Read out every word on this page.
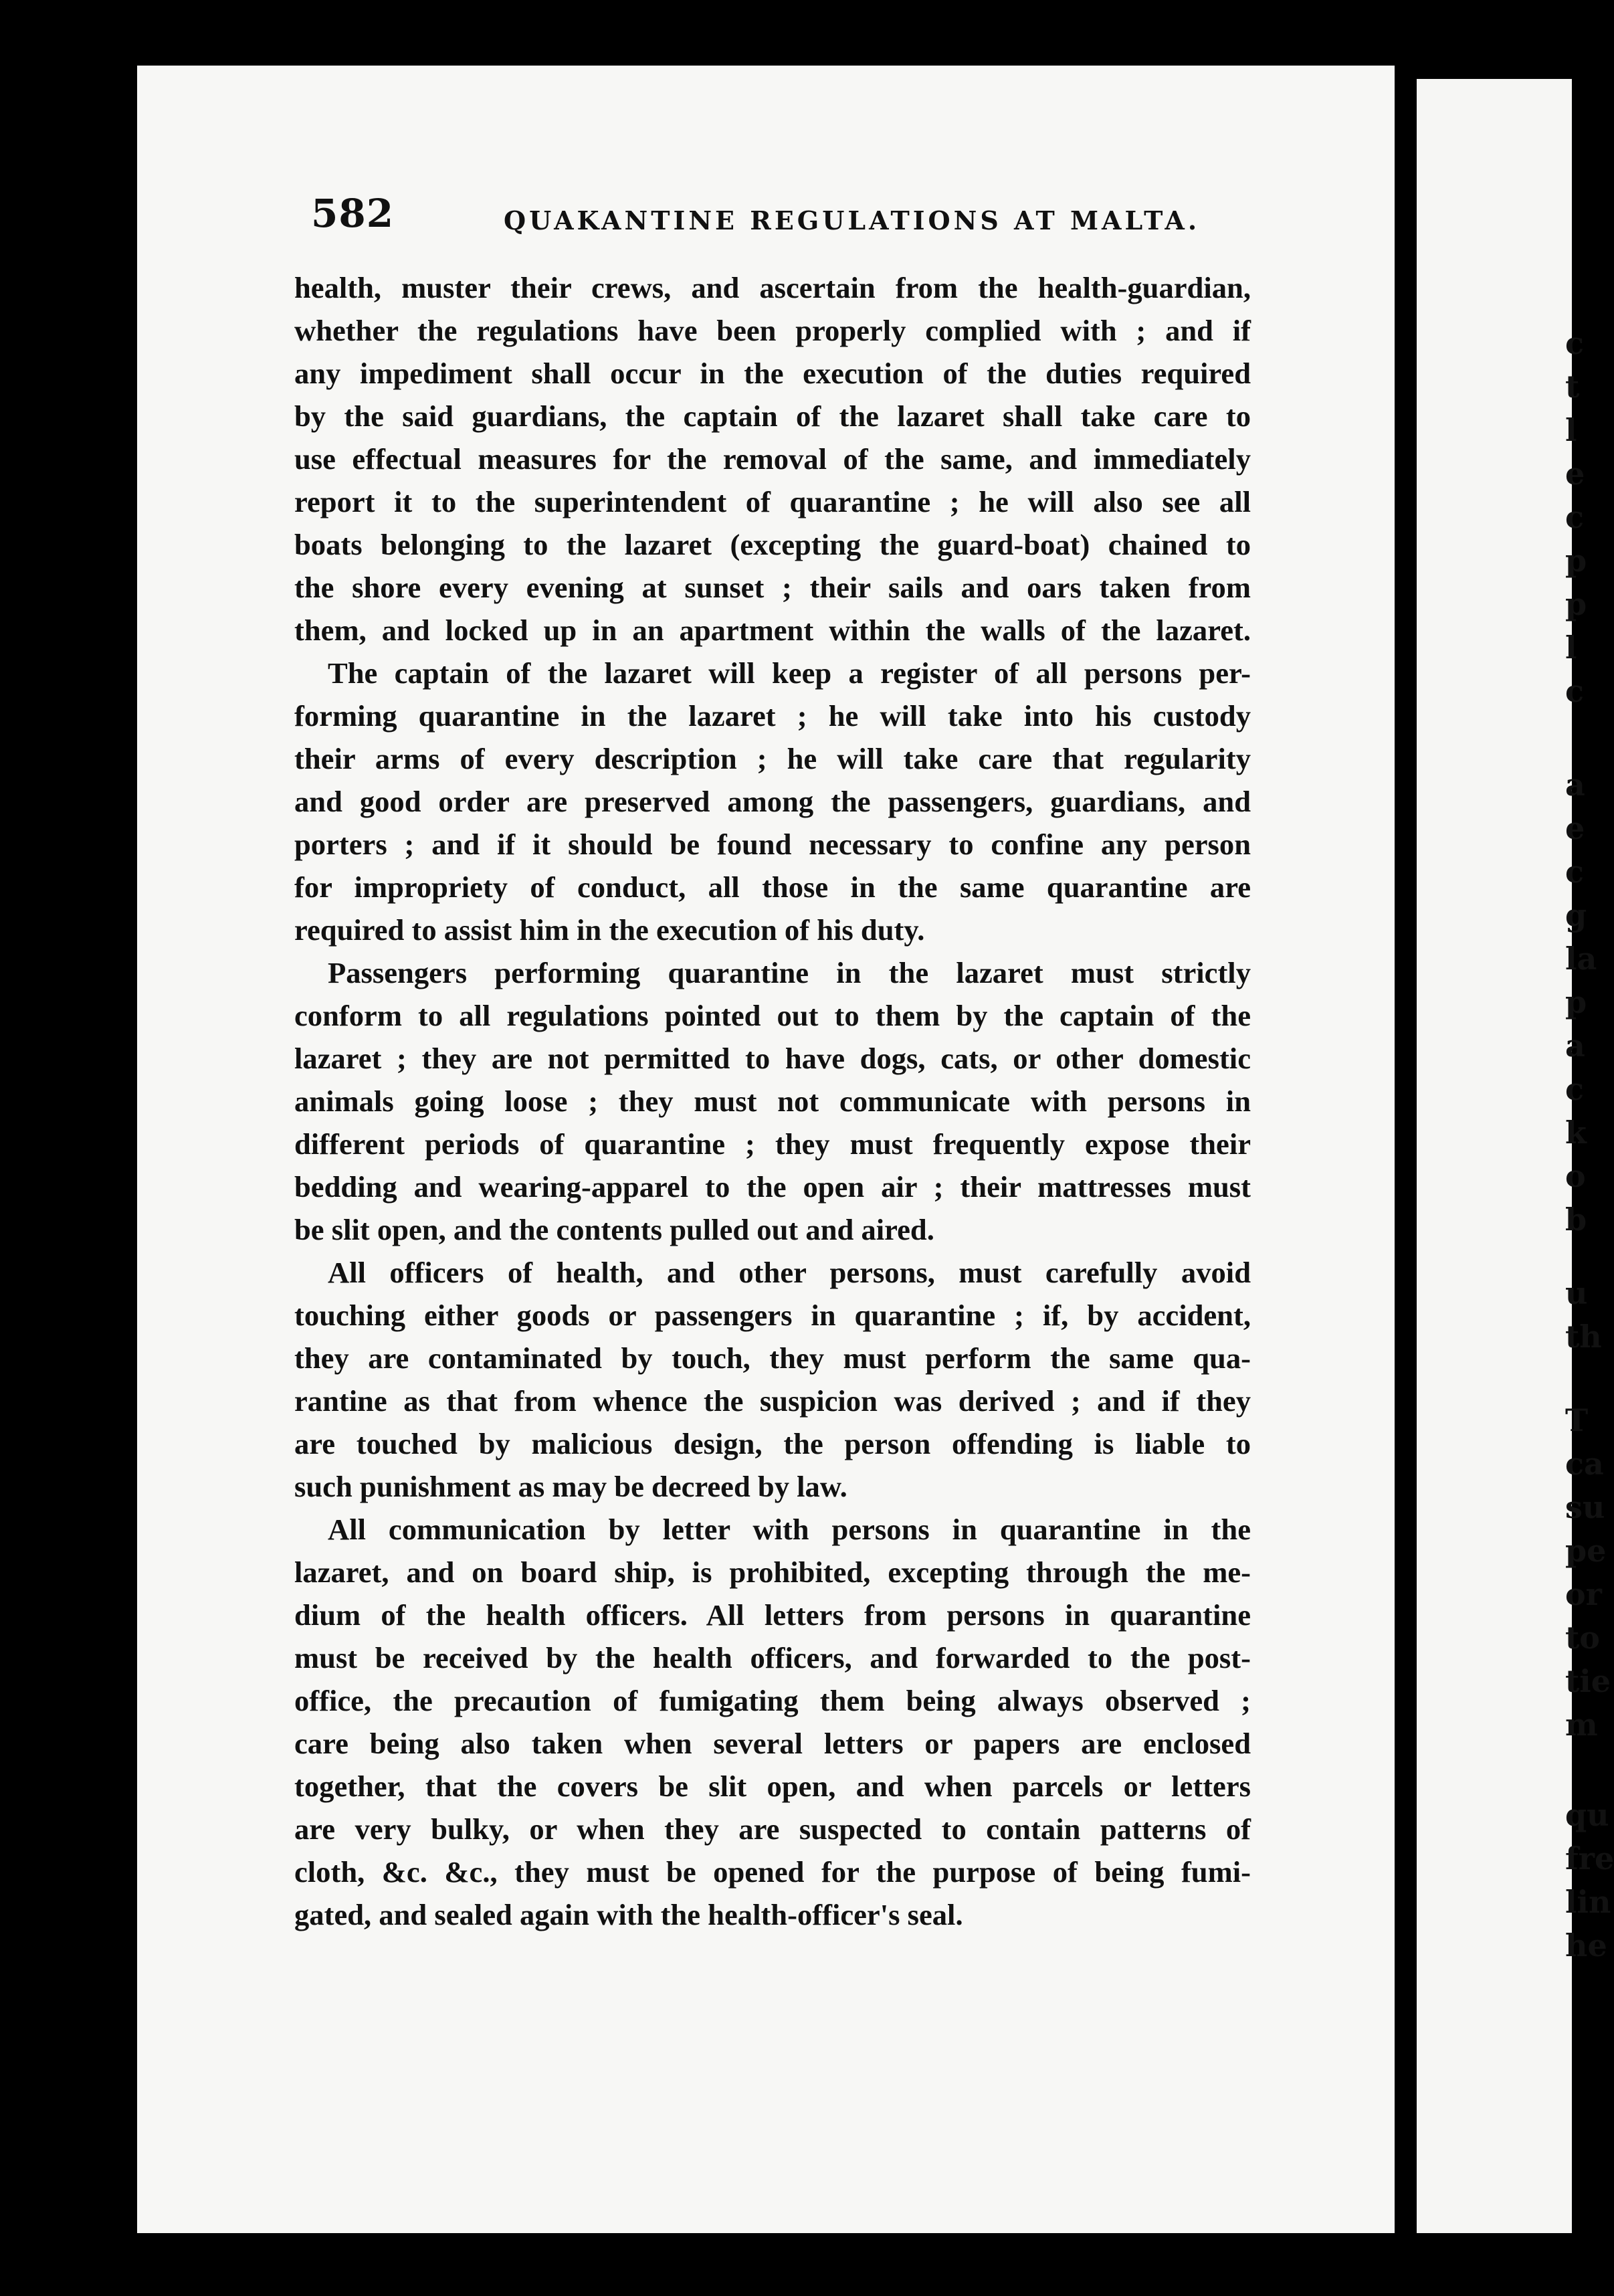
c
t
l
e
c
p
p
l
c
a
e
c
g
la
p
a
c
k
o
b
u
th
T
ca
su
pe
or
to
tie
m
qu
fre
lin
he
582	QUAKANTINE REGULATIONS AT MALTA.
health, muster their crews, and ascertain from the health-guardian,
whether the regulations have been properly complied with ; and if
any impediment shall occur in the execution of the duties required
by the said guardians, the captain of the lazaret shall take care to
use effectual measures for the removal of the same, and immediately
report it to the superintendent of quarantine ; he will also see all
boats belonging to the lazaret (excepting the guard-boat) chained to
the shore every evening at sunset ; their sails and oars taken from
them, and locked up in an apartment within the walls of the lazaret.
The captain of the lazaret will keep a register of all persons per-
forming quarantine in the lazaret ; he will take into his custody
their arms of every description ; he will take care that regularity
and good order are preserved among the passengers, guardians, and
porters ; and if it should be found necessary to confine any person
for impropriety of conduct, all those in the same quarantine are
required to assist him in the execution of his duty.
Passengers performing quarantine in the lazaret must strictly
conform to all regulations pointed out to them by the captain of the
lazaret ; they are not permitted to have dogs, cats, or other domestic
animals going loose ; they must not communicate with persons in
different periods of quarantine ; they must frequently expose their
bedding and wearing-apparel to the open air ; their mattresses must
be slit open, and the contents pulled out and aired.
All officers of health, and other persons, must carefully avoid
touching either goods or passengers in quarantine ; if, by accident,
they are contaminated by touch, they must perform the same qua-
rantine as that from whence the suspicion was derived ; and if they
are touched by malicious design, the person offending is liable to
such punishment as may be decreed by law.
All communication by letter with persons in quarantine in the
lazaret, and on board ship, is prohibited, excepting through the me-
dium of the health officers. All letters from persons in quarantine
must be received by the health officers, and forwarded to the post-
office, the precaution of fumigating them being always observed ;
care being also taken when several letters or papers are enclosed
together, that the covers be slit open, and when parcels or letters
are very bulky, or when they are suspected to contain patterns of
cloth, &c. &c., they must be opened for the purpose of being fumi-
gated, and sealed again with the health-officer's seal.
